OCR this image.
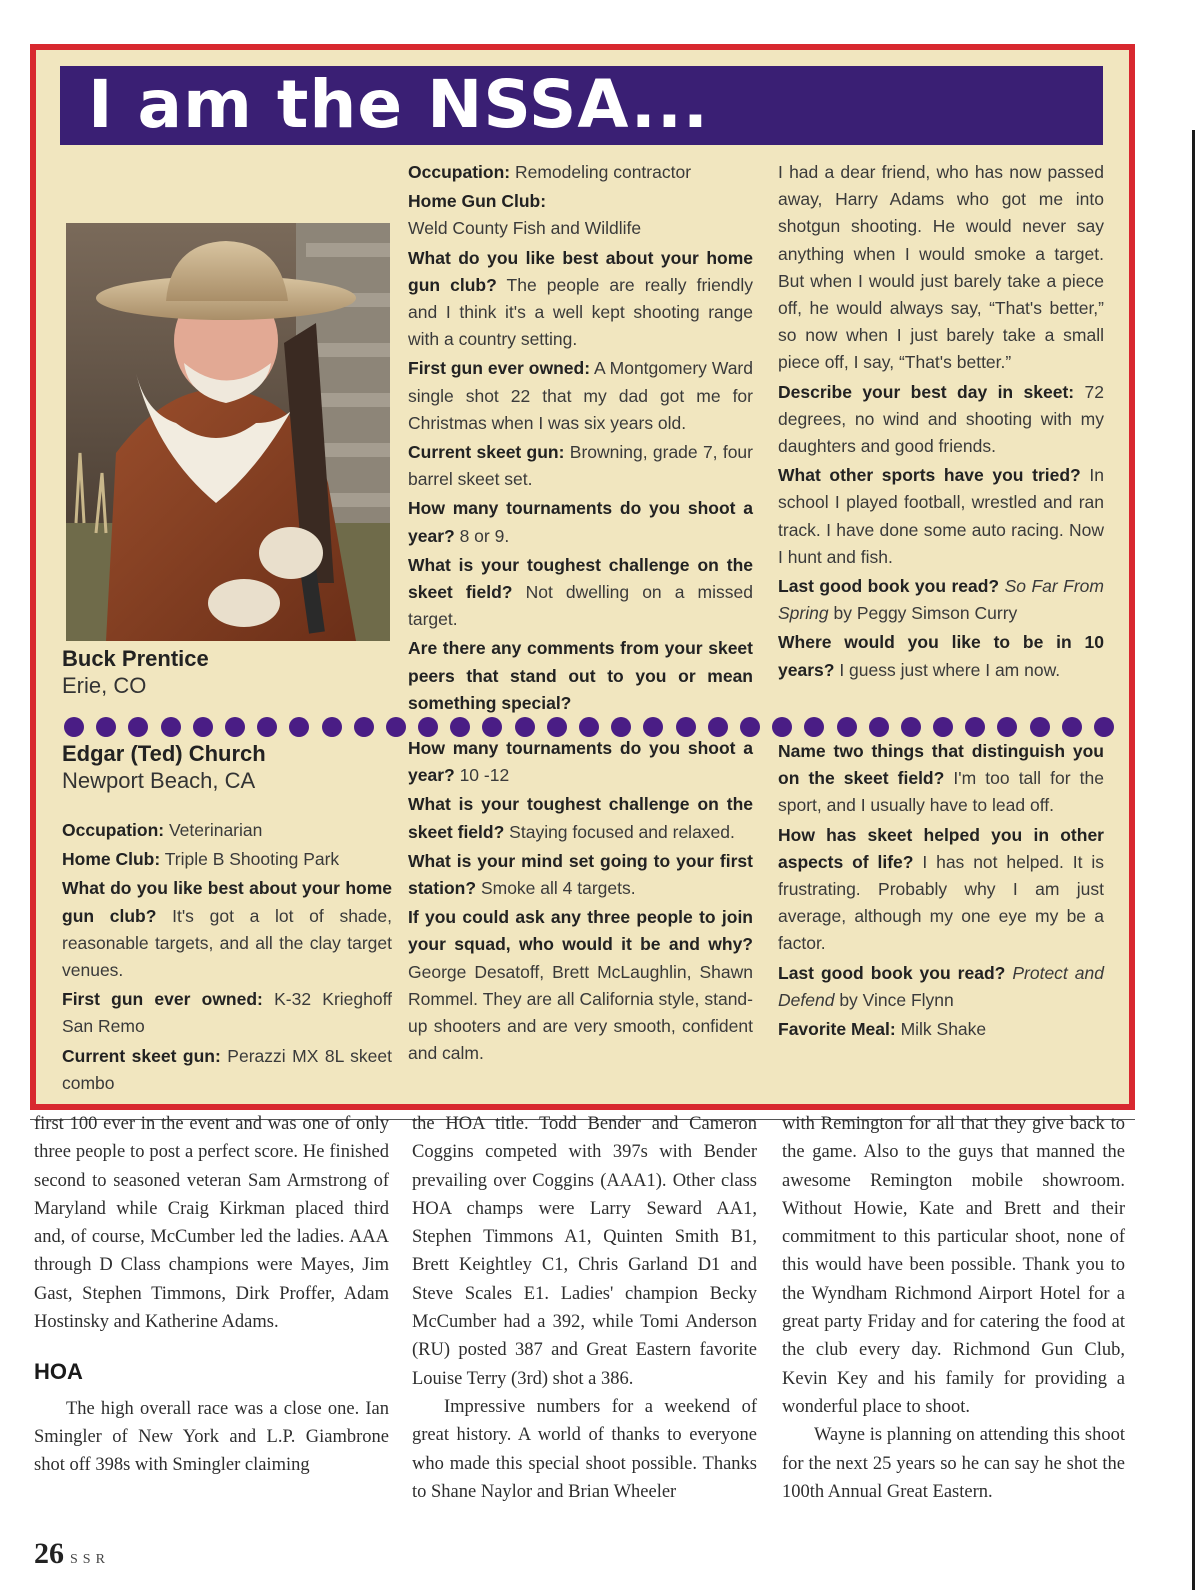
I am the NSSA...
Buck Prentice
Erie, CO

Occupation: Remodeling contractor

Home Gun Club:

Weld County Fish and Wildlife

What do you like best about your home gun club? The people are really friendly and I think it's a well kept shooting range with a country setting.

First gun ever owned: A Montgomery Ward single shot 22 that my dad got me for Christmas when I was six years old.

Current skeet gun: Browning, grade 7, four barrel skeet set.

How many tournaments do you shoot a year? 8 or 9.

What is your toughest challenge on the skeet field? Not dwelling on a missed target.

Are there any comments from your skeet peers that stand out to you or mean something special?

I had a dear friend, who has now passed away, Harry Adams who got me into shotgun shooting. He would never say anything when I would smoke a target. But when I would just barely take a piece off, he would always say, “That's better,” so now when I just barely take a small piece off, I say, “That's better.”

Describe your best day in skeet: 72 degrees, no wind and shooting with my daughters and good friends.

What other sports have you tried? In school I played football, wrestled and ran track. I have done some auto racing. Now I hunt and fish.

Last good book you read? So Far From Spring by Peggy Simson Curry

Where would you like to be in 10 years? I guess just where I am now.

Edgar (Ted) Church
Newport Beach, CA

Occupation: Veterinarian

Home Club: Triple B Shooting Park

What do you like best about your home gun club? It's got a lot of shade, reasonable targets, and all the clay target venues.

First gun ever owned: K-32 Krieghoff San Remo

Current skeet gun: Perazzi MX 8L skeet combo

How many tournaments do you shoot a year? 10 -12

What is your toughest challenge on the skeet field? Staying focused and relaxed.

What is your mind set going to your first station? Smoke all 4 targets.

If you could ask any three people to join your squad, who would it be and why? George Desatoff, Brett McLaughlin, Shawn Rommel. They are all California style, stand-up shooters and are very smooth, confident and calm.

Name two things that distinguish you on the skeet field? I'm too tall for the sport, and I usually have to lead off.

How has skeet helped you in other aspects of life? I has not helped. It is frustrating. Probably why I am just average, although my one eye my be a factor.

Last good book you read? Protect and Defend by Vince Flynn

Favorite Meal: Milk Shake

first 100 ever in the event and was one of only three people to post a perfect score. He finished second to seasoned veteran Sam Armstrong of Maryland while Craig Kirkman placed third and, of course, McCumber led the ladies. AAA through D Class champions were Mayes, Jim Gast, Stephen Timmons, Dirk Proffer, Adam Hostinsky and Katherine Adams.

HOA

The high overall race was a close one. Ian Smingler of New York and L.P. Giambrone shot off 398s with Smingler claiming

the HOA title. Todd Bender and Cameron Coggins competed with 397s with Bender prevailing over Coggins (AAA1). Other class HOA champs were Larry Seward AA1, Stephen Timmons A1, Quinten Smith B1, Brett Keightley C1, Chris Garland D1 and Steve Scales E1. Ladies' champion Becky McCumber had a 392, while Tomi Anderson (RU) posted 387 and Great Eastern favorite Louise Terry (3rd) shot a 386.

Impressive numbers for a weekend of great history. A world of thanks to everyone who made this special shoot possible. Thanks to Shane Naylor and Brian Wheeler

with Remington for all that they give back to the game. Also to the guys that manned the awesome Remington mobile showroom. Without Howie, Kate and Brett and their commitment to this particular shoot, none of this would have been possible. Thank you to the Wyndham Richmond Airport Hotel for a great party Friday and for catering the food at the club every day. Richmond Gun Club, Kevin Key and his family for providing a wonderful place to shoot.

Wayne is planning on attending this shoot for the next 25 years so he can say he shot the 100th Annual Great Eastern.

26 SSR
